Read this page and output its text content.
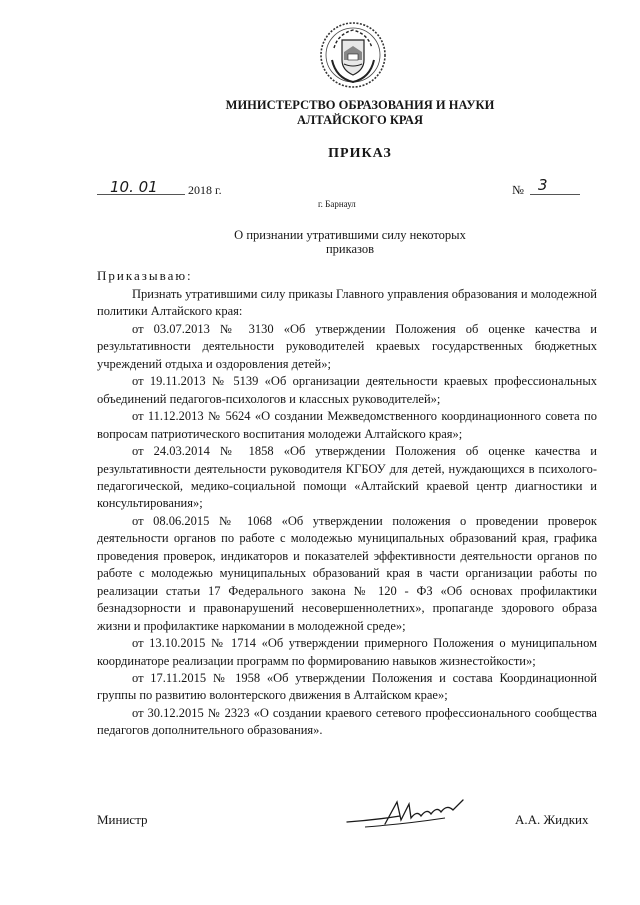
МИНИСТЕРСТВО ОБРАЗОВАНИЯ И НАУКИ
АЛТАЙСКОГО КРАЯ
ПРИКАЗ
10. 01	2018 г.	№ 3
г. Барнаул
О признании утратившими силу некоторых
приказов
Приказываю:

Признать утратившими силу приказы Главного управления образования и молодежной политики Алтайского края:

от 03.07.2013 № 3130 «Об утверждении Положения об оценке качества и результативности деятельности руководителей краевых государственных бюджетных учреждений отдыха и оздоровления детей»;

от 19.11.2013 № 5139 «Об организации деятельности краевых профессиональных объединений педагогов-психологов и классных руководителей»;

от 11.12.2013 № 5624 «О создании Межведомственного координационного совета по вопросам патриотического воспитания молодежи Алтайского края»;

от 24.03.2014 № 1858 «Об утверждении Положения об оценке качества и результативности деятельности руководителя КГБОУ для детей, нуждающихся в психолого-педагогической, медико-социальной помощи «Алтайский краевой центр диагностики и консультирования»;

от 08.06.2015 № 1068 «Об утверждении положения о проведении проверок деятельности органов по работе с молодежью муниципальных образований края, графика проведения проверок, индикаторов и показателей эффективности деятельности органов по работе с молодежью муниципальных образований края в части организации работы по реализации статьи 17 Федерального закона № 120 - ФЗ «Об основах профилактики безнадзорности и правонарушений несовершеннолетних», пропаганде здорового образа жизни и профилактике наркомании в молодежной среде»;

от 13.10.2015 № 1714 «Об утверждении примерного Положения о муниципальном координаторе реализации программ по формированию навыков жизнестойкости»;

от 17.11.2015 № 1958 «Об утверждении Положения и состава Координационной группы по развитию волонтерского движения в Алтайском крае»;

от 30.12.2015 № 2323 «О создании краевого сетевого профессионального сообщества педагогов дополнительного образования».

Министр	А.А. Жидких
